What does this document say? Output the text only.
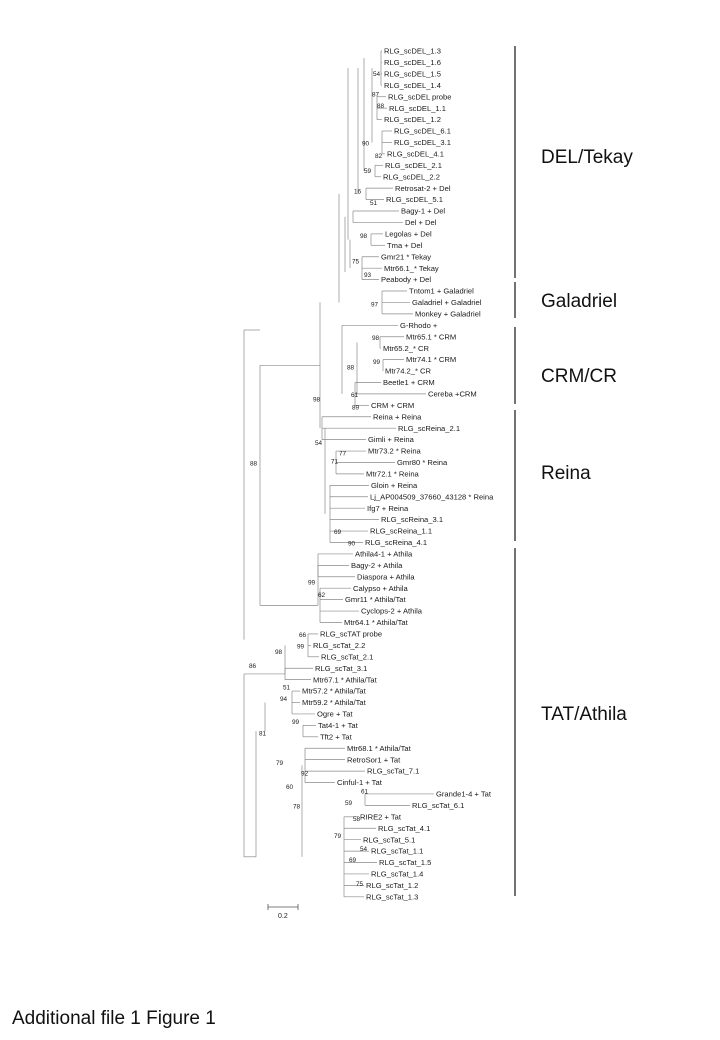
RLG_scDEL_1.3
RLG_scDEL_1.6
RLG_scDEL_1.5
RLG_scDEL_1.4
RLG_scDEL probe
RLG_scDEL_1.1
RLG_scDEL_1.2
RLG_scDEL_6.1
RLG_scDEL_3.1
RLG_scDEL_4.1
RLG_scDEL_2.1
RLG_scDEL_2.2
Retrosat-2 + Del
RLG_scDEL_5.1
Bagy-1 + Del
Del + Del
Legolas + Del
Tma + Del
Gmr21 * Tekay
Mtr66.1_* Tekay
Peabody + Del
Tntom1 + Galadriel
Galadriel + Galadriel
Monkey + Galadriel
G-Rhodo +
Mtr65.1 * CRM
Mtr65.2_* CR
Mtr74.1 * CRM
Mtr74.2_* CR
Beetle1 + CRM
Cereba +CRM
CRM + CRM
Reina + Reina
RLG_scReina_2.1
Gimli + Reina
Mtr73.2 * Reina
Gmr80 * Reina
Mtr72.1 * Reina
Gloin + Reina
Lj_AP004509_37660_43128 * Reina
Ifg7 + Reina
RLG_scReina_3.1
RLG_scReina_1.1
RLG_scReina_4.1
Athila4-1 + Athila
Bagy-2 + Athila
Diaspora + Athila
Calypso + Athila
Gmr11 * Athila/Tat
Cyclops-2 + Athila
Mtr64.1 * Athila/Tat
RLG_scTAT probe
RLG_scTat_2.2
RLG_scTat_2.1
RLG_scTat_3.1
Mtr67.1 * Athila/Tat
Mtr57.2 * Athila/Tat
Mtr59.2 * Athila/Tat
Ogre + Tat
Tat4-1 + Tat
Tft2 + Tat
Mtr68.1 * Athila/Tat
RetroSor1 + Tat
RLG_scTat_7.1
Cinful-1 + Tat
Grande1-4 + Tat
RLG_scTat_6.1
RIRE2 + Tat
RLG_scTat_4.1
RLG_scTat_5.1
RLG_scTat_1.1
RLG_scTat_1.5
RLG_scTat_1.4
RLG_scTat_1.2
RLG_scTat_1.3
54
87
88
90
82
59
16
51
98
75
93
97
98
99
88
61
89
98
54
77
71
69
90
88
99
62
66
99
98
86
51
94
99
81
79
92
60
78
61
59
58
79
54
69
75
DEL/Tekay
Galadriel
CRM/CR
Reina
TAT/Athila
0.2
Additional file 1 Figure 1
